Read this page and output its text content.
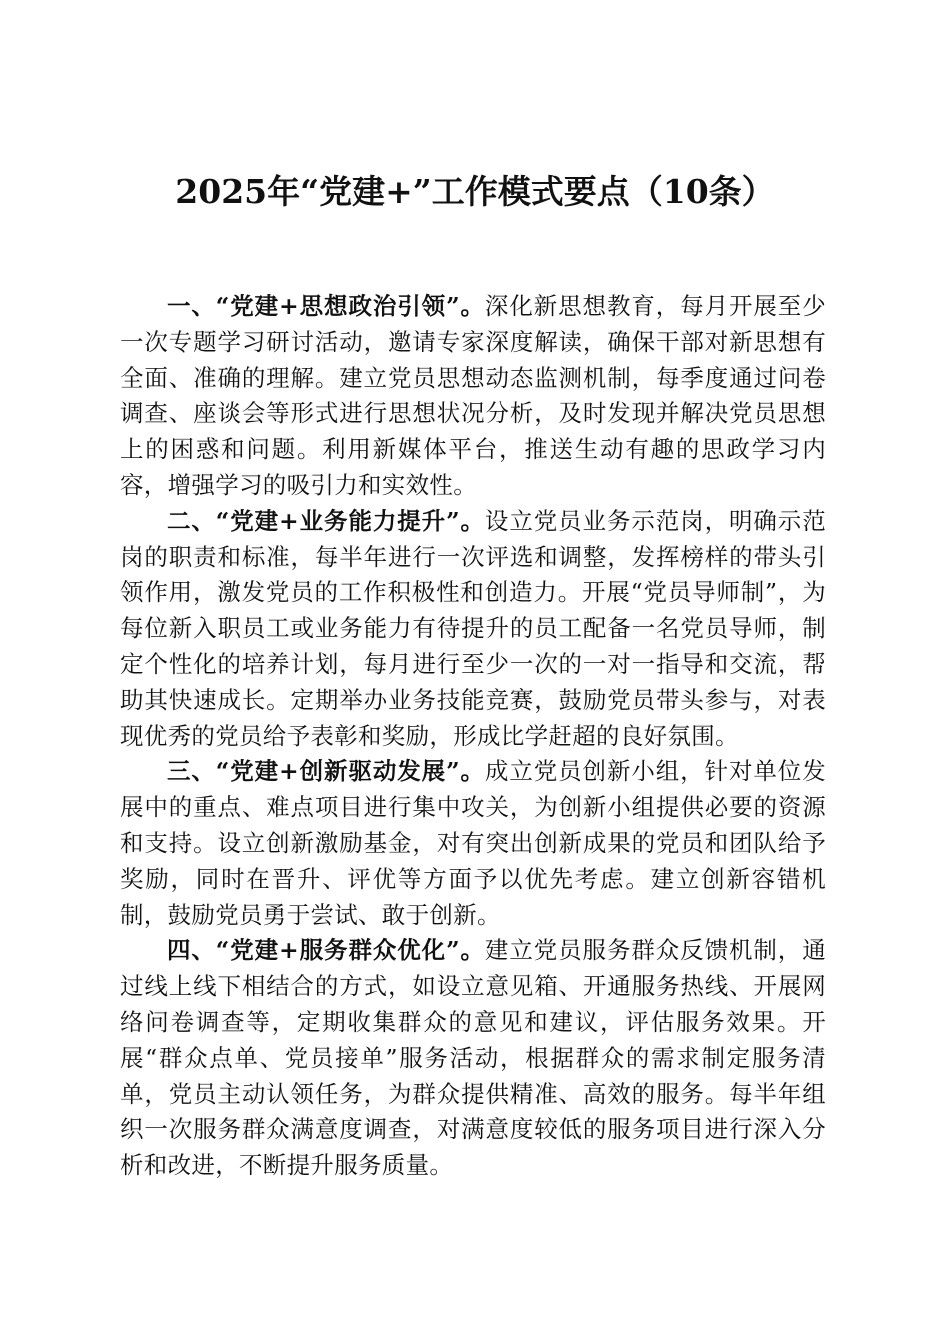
2025年“党建+”工作模式要点（10条）

一、“党建+思想政治引领”。深化新思想教育，每月开展至少一次专题学习研讨活动，邀请专家深度解读，确保干部对新思想有全面、准确的理解。建立党员思想动态监测机制，每季度通过问卷调查、座谈会等形式进行思想状况分析，及时发现并解决党员思想上的困惑和问题。利用新媒体平台，推送生动有趣的思政学习内容，增强学习的吸引力和实效性。

二、“党建+业务能力提升”。设立党员业务示范岗，明确示范岗的职责和标准，每半年进行一次评选和调整，发挥榜样的带头引领作用，激发党员的工作积极性和创造力。开展“党员导师制”，为每位新入职员工或业务能力有待提升的员工配备一名党员导师，制定个性化的培养计划，每月进行至少一次的一对一指导和交流，帮助其快速成长。定期举办业务技能竞赛，鼓励党员带头参与，对表现优秀的党员给予表彰和奖励，形成比学赶超的良好氛围。

三、“党建+创新驱动发展”。成立党员创新小组，针对单位发展中的重点、难点项目进行集中攻关，为创新小组提供必要的资源和支持。设立创新激励基金，对有突出创新成果的党员和团队给予奖励，同时在晋升、评优等方面予以优先考虑。建立创新容错机制，鼓励党员勇于尝试、敢于创新。

四、“党建+服务群众优化”。建立党员服务群众反馈机制，通过线上线下相结合的方式，如设立意见箱、开通服务热线、开展网络问卷调查等，定期收集群众的意见和建议，评估服务效果。开展“群众点单、党员接单”服务活动，根据群众的需求制定服务清单，党员主动认领任务，为群众提供精准、高效的服务。每半年组织一次服务群众满意度调查，对满意度较低的服务项目进行深入分析和改进，不断提升服务质量。
